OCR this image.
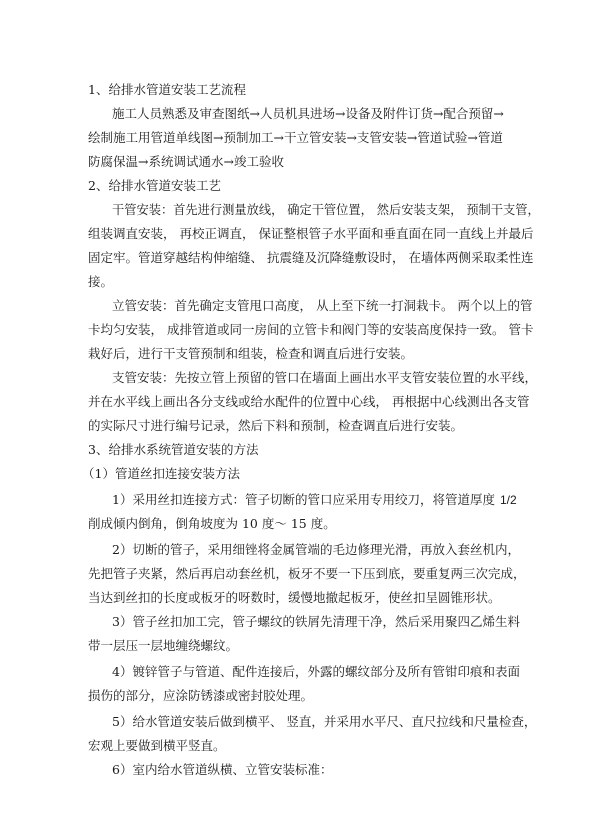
1、给排水管道安装工艺流程
施工人员熟悉及审查图纸→人员机具进场→设备及附件订货→配合预留→
绘制施工用管道单线图→预制加工→干立管安装→支管安装→管道试验→管道
防腐保温→系统调试通水→竣工验收
2、给排水管道安装工艺
干管安装：首先进行测量放线， 确定干管位置， 然后安装支架， 预制干支管，
组装调直安装， 再校正调直， 保证整根管子水平面和垂直面在同一直线上并最后
固定牢。管道穿越结构伸缩缝、 抗震缝及沉降缝敷设时， 在墙体两侧采取柔性连
接。
立管安装：首先确定支管甩口高度， 从上至下统一打洞栽卡。 两个以上的管
卡均匀安装， 成排管道或同一房间的立管卡和阀门等的安装高度保持一致。 管卡
栽好后，进行干支管预制和组装，检查和调直后进行安装。
支管安装：先按立管上预留的管口在墙面上画出水平支管安装位置的水平线，
并在水平线上画出各分支线或给水配件的位置中心线， 再根据中心线测出各支管
的实际尺寸进行编号记录，然后下料和预制，检查调直后进行安装。
3、给排水系统管道安装的方法
（1）管道丝扣连接安装方法
1）采用丝扣连接方式：管子切断的管口应采用专用绞刀，将管道厚度 1/2
削成倾内倒角，倒角坡度为 10 度～ 15 度。
2）切断的管子，采用细锉将金属管端的毛边修理光滑，再放入套丝机内，
先把管子夹紧，然后再启动套丝机，板牙不要一下压到底，要重复两三次完成，
当达到丝扣的长度或板牙的呀数时，缓慢地撤起板牙，使丝扣呈圆锥形状。
3）管子丝扣加工完，管子螺纹的铁屑先清理干净，然后采用聚四乙烯生料
带一层压一层地缠绕螺纹。
4）镀锌管子与管道、配件连接后，外露的螺纹部分及所有管钳印痕和表面
损伤的部分，应涂防锈漆或密封胶处理。
5）给水管道安装后做到横平、 竖直，并采用水平尺、直尺拉线和尺量检查，
宏观上要做到横平竖直。
6）室内给水管道纵横、立管安装标准：
